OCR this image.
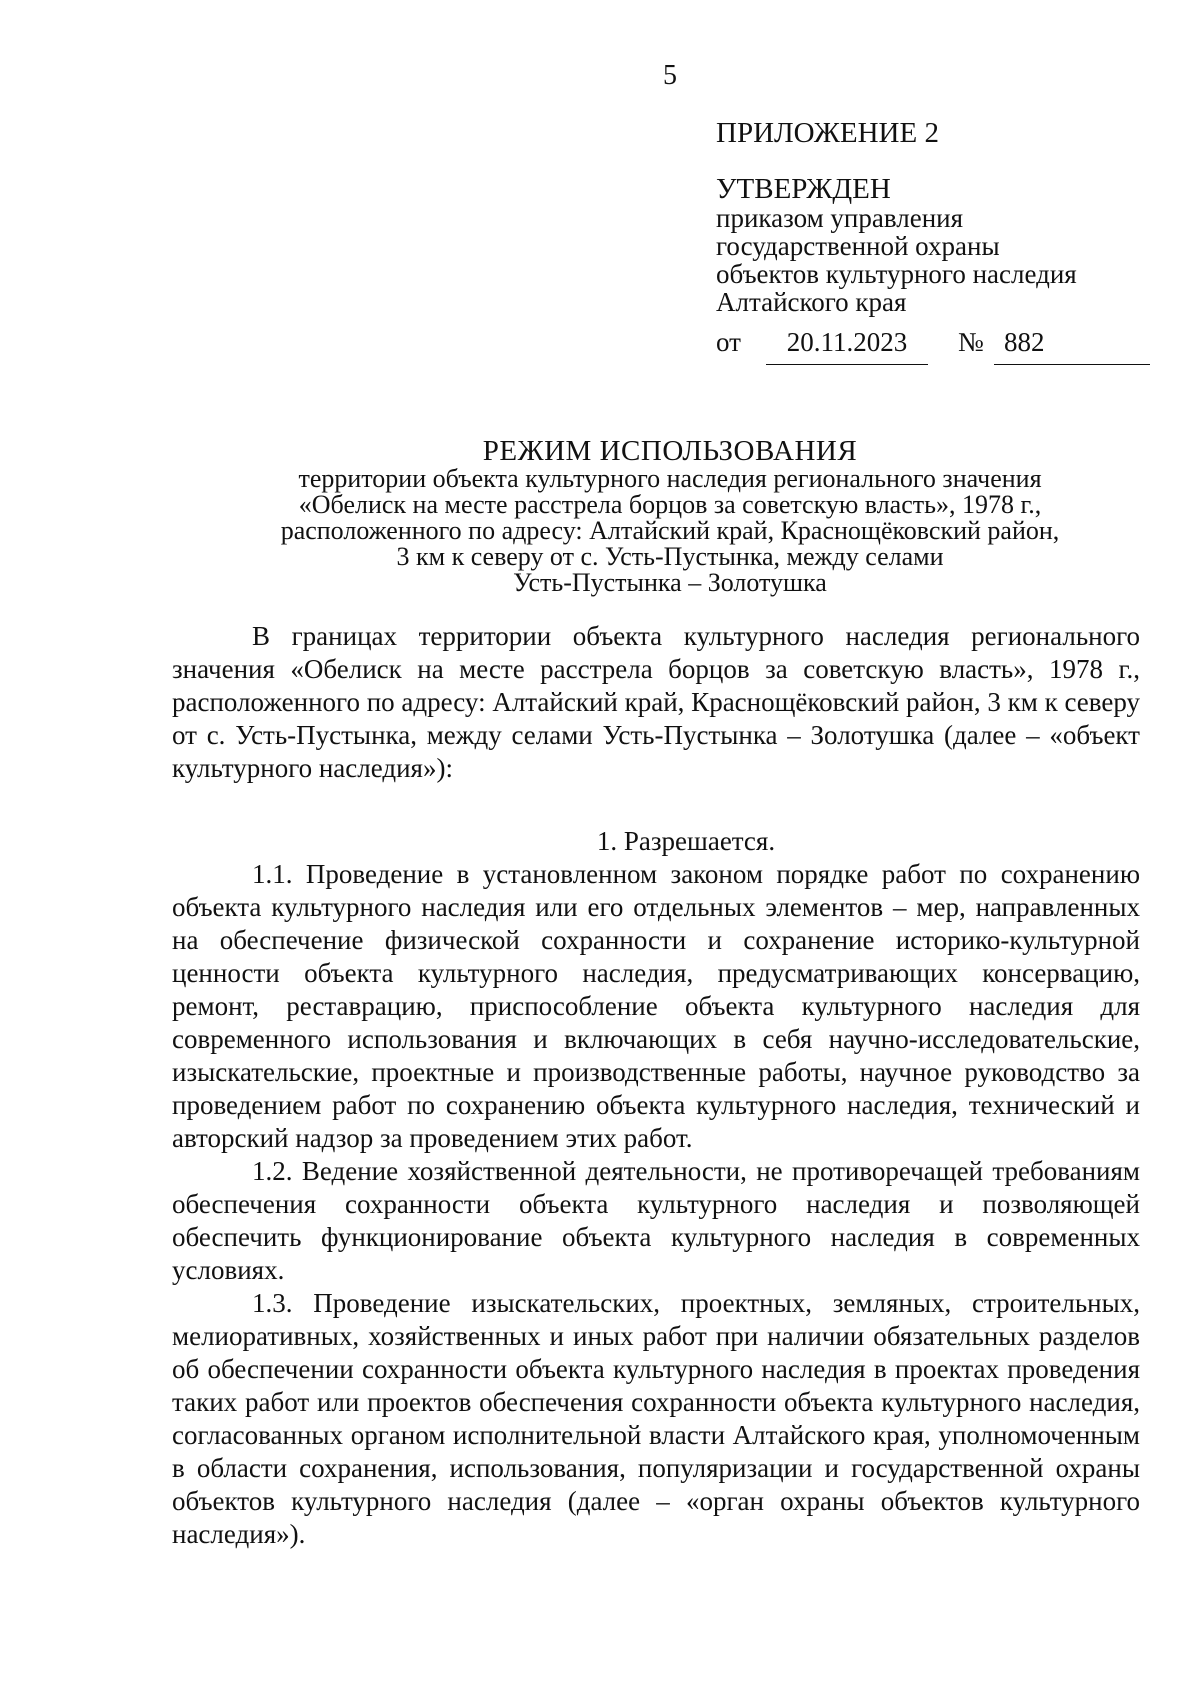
5
ПРИЛОЖЕНИЕ 2
УТВЕРЖДЕН
приказом управления
государственной охраны
объектов культурного наследия
Алтайского края
от	20.11.2023	№ 882
РЕЖИМ ИСПОЛЬЗОВАНИЯ
территории объекта культурного наследия регионального значения
«Обелиск на месте расстрела борцов за советскую власть», 1978 г.,
расположенного по адресу: Алтайский край, Краснощёковский район,
3 км к северу от с. Усть-Пустынка, между селами
Усть-Пустынка – Золотушка

В границах территории объекта культурного наследия регионального значения «Обелиск на месте расстрела борцов за советскую власть», 1978 г., расположенного по адресу: Алтайский край, Краснощёковский район, 3 км к северу от с. Усть-Пустынка, между селами Усть-Пустынка – Золотушка (далее – «объект культурного наследия»):

1. Разрешается.

1.1. Проведение в установленном законом порядке работ по сохранению объекта культурного наследия или его отдельных элементов – мер, направленных на обеспечение физической сохранности и сохранение историко-культурной ценности объекта культурного наследия, предусматривающих консервацию, ремонт, реставрацию, приспособление объекта культурного наследия для современного использования и включающих в себя научно-исследовательские, изыскательские, проектные и производственные работы, научное руководство за проведением работ по сохранению объекта культурного наследия, технический и авторский надзор за проведением этих работ.

1.2. Ведение хозяйственной деятельности, не противоречащей требованиям обеспечения сохранности объекта культурного наследия и позволяющей обеспечить функционирование объекта культурного наследия в современных условиях.

1.3. Проведение изыскательских, проектных, земляных, строительных, мелиоративных, хозяйственных и иных работ при наличии обязательных разделов об обеспечении сохранности объекта культурного наследия в проектах проведения таких работ или проектов обеспечения сохранности объекта культурного наследия, согласованных органом исполнительной власти Алтайского края, уполномоченным в области сохранения, использования, популяризации и государственной охраны объектов культурного наследия (далее – «орган охраны объектов культурного наследия»).
